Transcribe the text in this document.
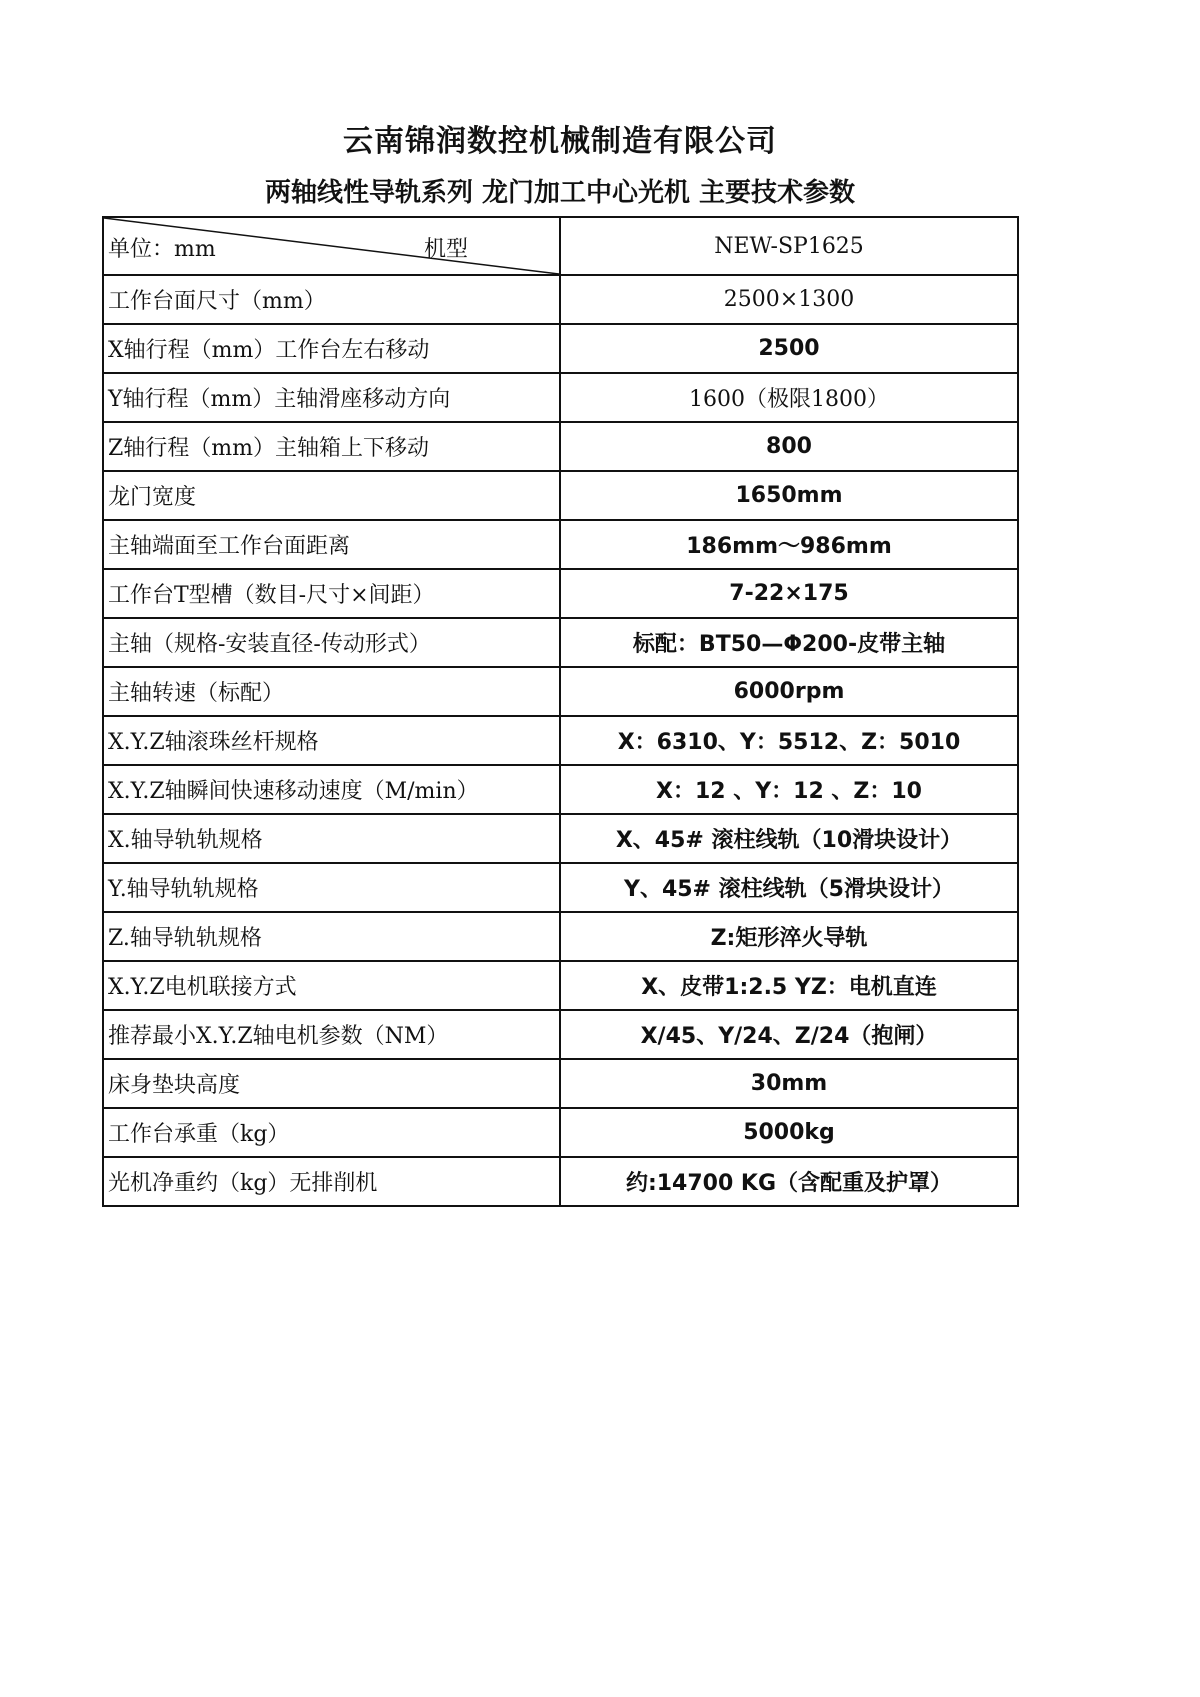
云南锦润数控机械制造有限公司
两轴线性导轨系列 龙门加工中心光机 主要技术参数
单位：mm 机型	NEW-SP1625
工作台面尺寸（mm）	2500×1300
X轴行程（mm）工作台左右移动	2500
Y轴行程（mm）主轴滑座移动方向	1600（极限1800）
Z轴行程（mm）主轴箱上下移动	800
龙门宽度	1650mm
主轴端面至工作台面距离	186mm～986mm
工作台T型槽（数目-尺寸×间距）	7-22×175
主轴（规格-安装直径-传动形式）	标配：BT50—Φ200-皮带主轴
主轴转速（标配）	6000rpm
X.Y.Z轴滚珠丝杆规格	X：6310、Y：5512、Z：5010
X.Y.Z轴瞬间快速移动速度（M/min）	X：12 、Y：12 、Z：10
X.轴导轨轨规格	X、45# 滚柱线轨（10滑块设计）
Y.轴导轨轨规格	Y、45# 滚柱线轨（5滑块设计）
Z.轴导轨轨规格	Z:矩形淬火导轨
X.Y.Z电机联接方式	X、皮带1:2.5 YZ：电机直连
推荐最小X.Y.Z轴电机参数（NM）	X/45、Y/24、Z/24（抱闸）
床身垫块高度	30mm
工作台承重（kg）	5000kg
光机净重约（kg）无排削机	约:14700 KG（含配重及护罩）
